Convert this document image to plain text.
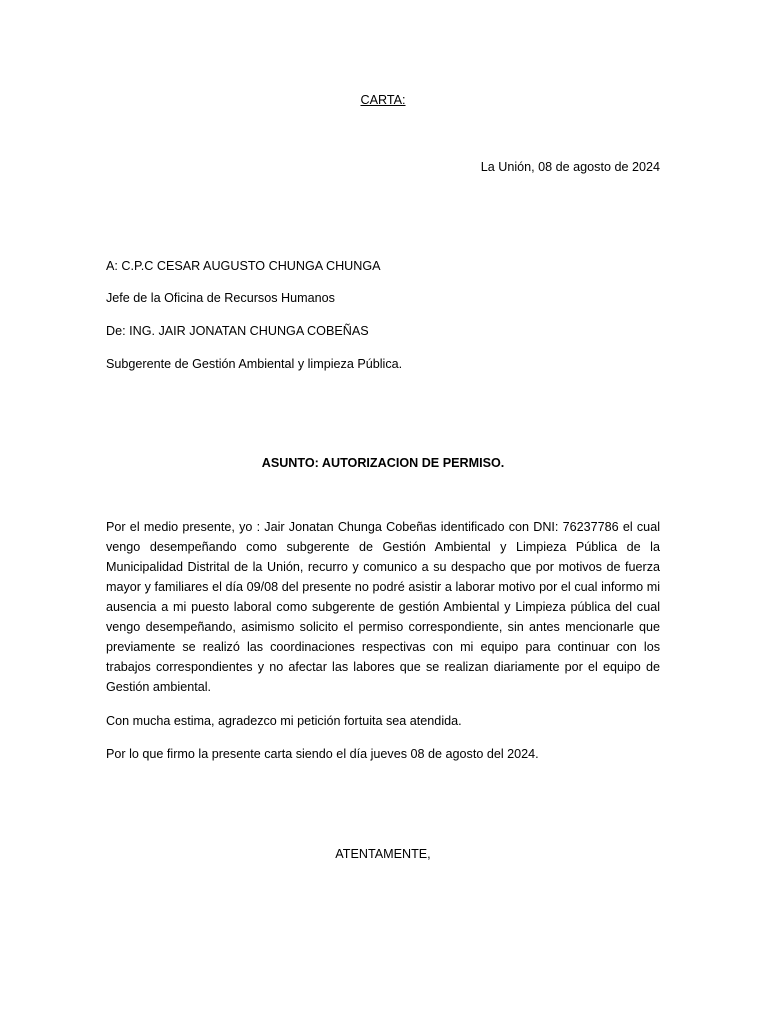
CARTA:
La Unión, 08 de agosto de 2024

A: C.P.C CESAR AUGUSTO CHUNGA CHUNGA

Jefe de la Oficina de Recursos Humanos

De: ING. JAIR JONATAN CHUNGA COBEÑAS

Subgerente de Gestión Ambiental y limpieza Pública.

ASUNTO: AUTORIZACION DE PERMISO.

Por el medio presente, yo : Jair Jonatan Chunga Cobeñas identificado con DNI: 76237786 el cual vengo desempeñando como subgerente de Gestión Ambiental y Limpieza Pública de la Municipalidad Distrital de la Unión, recurro y comunico a su despacho que por motivos de fuerza mayor y familiares el día 09/08 del presente no podré asistir a laborar motivo por el cual informo mi ausencia a mi puesto laboral como subgerente de gestión Ambiental y Limpieza pública del cual vengo desempeñando, asimismo solicito el permiso correspondiente, sin antes mencionarle que previamente se realizó las coordinaciones respectivas con mi equipo para continuar con los trabajos correspondientes y no afectar las labores que se realizan diariamente por el equipo de Gestión ambiental.

Con mucha estima, agradezco mi petición fortuita sea atendida.

Por lo que firmo la presente carta siendo el día jueves 08 de agosto del 2024.

ATENTAMENTE,
